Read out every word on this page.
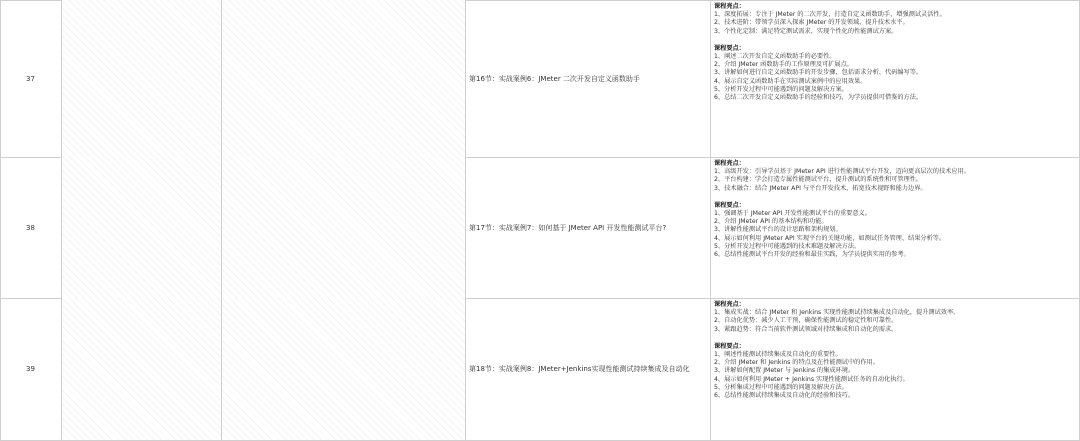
37	第16节：实战案例6：JMeter 二次开发自定义函数助手
课程亮点：
1、深度拓展：专注于 JMeter 的二次开发，打造自定义函数助手，增强测试灵活性。
2、技术进阶：带领学员深入探索 JMeter 的开发领域，提升技术水平。
3、个性化定制：满足特定测试需求，实现个性化的性能测试方案。
课程要点：
1、阐述二次开发自定义函数助手的必要性。
2、介绍 JMeter 函数助手的工作原理及可扩展点。
3、讲解如何进行自定义函数助手的开发步骤，包括需求分析、代码编写等。
4、展示自定义函数助手在实际测试案例中的应用效果。
5、分析开发过程中可能遇到的问题及解决方案。
6、总结二次开发自定义函数助手的经验和技巧，为学员提供可借鉴的方法。
38	第17节：实战案例7：如何基于 JMeter API 开发性能测试平台?
课程亮点：
1、高级开发：引导学员基于 JMeter API 进行性能测试平台开发，迈向更高层次的技术应用。
2、平台构建：学会打造专属性能测试平台，提升测试的系统性和可管理性。
3、技术融合：结合 JMeter API 与平台开发技术，拓宽技术视野和能力边界。
课程要点：
1、强调基于 JMeter API 开发性能测试平台的重要意义。
2、介绍 JMeter API 的基本结构和功能。
3、讲解性能测试平台的设计思路和架构规划。
4、展示如何利用 JMeter API 实现平台的关键功能，如测试任务管理、结果分析等。
5、分析开发过程中可能遇到的技术难题及解决方法。
6、总结性能测试平台开发的经验和最佳实践，为学员提供实用的参考。
39	第18节：实战案例8：JMeter+Jenkins实现性能测试持续集成及自动化
课程亮点：
1、集成实战：结合 JMeter 和 Jenkins 实现性能测试持续集成及自动化，提升测试效率。
2、自动化优势：减少人工干预，确保性能测试的稳定性和可靠性。
3、紧跟趋势：符合当前软件测试领域对持续集成和自动化的需求。
课程要点：
1、阐述性能测试持续集成及自动化的重要性。
2、介绍 JMeter 和 Jenkins 的特点及在性能测试中的作用。
3、讲解如何配置 JMeter 与 Jenkins 的集成环境。
4、展示如何利用 JMeter + Jenkins 实现性能测试任务的自动化执行。
5、分析集成过程中可能遇到的问题及解决方法。
6、总结性能测试持续集成及自动化的经验和技巧。
